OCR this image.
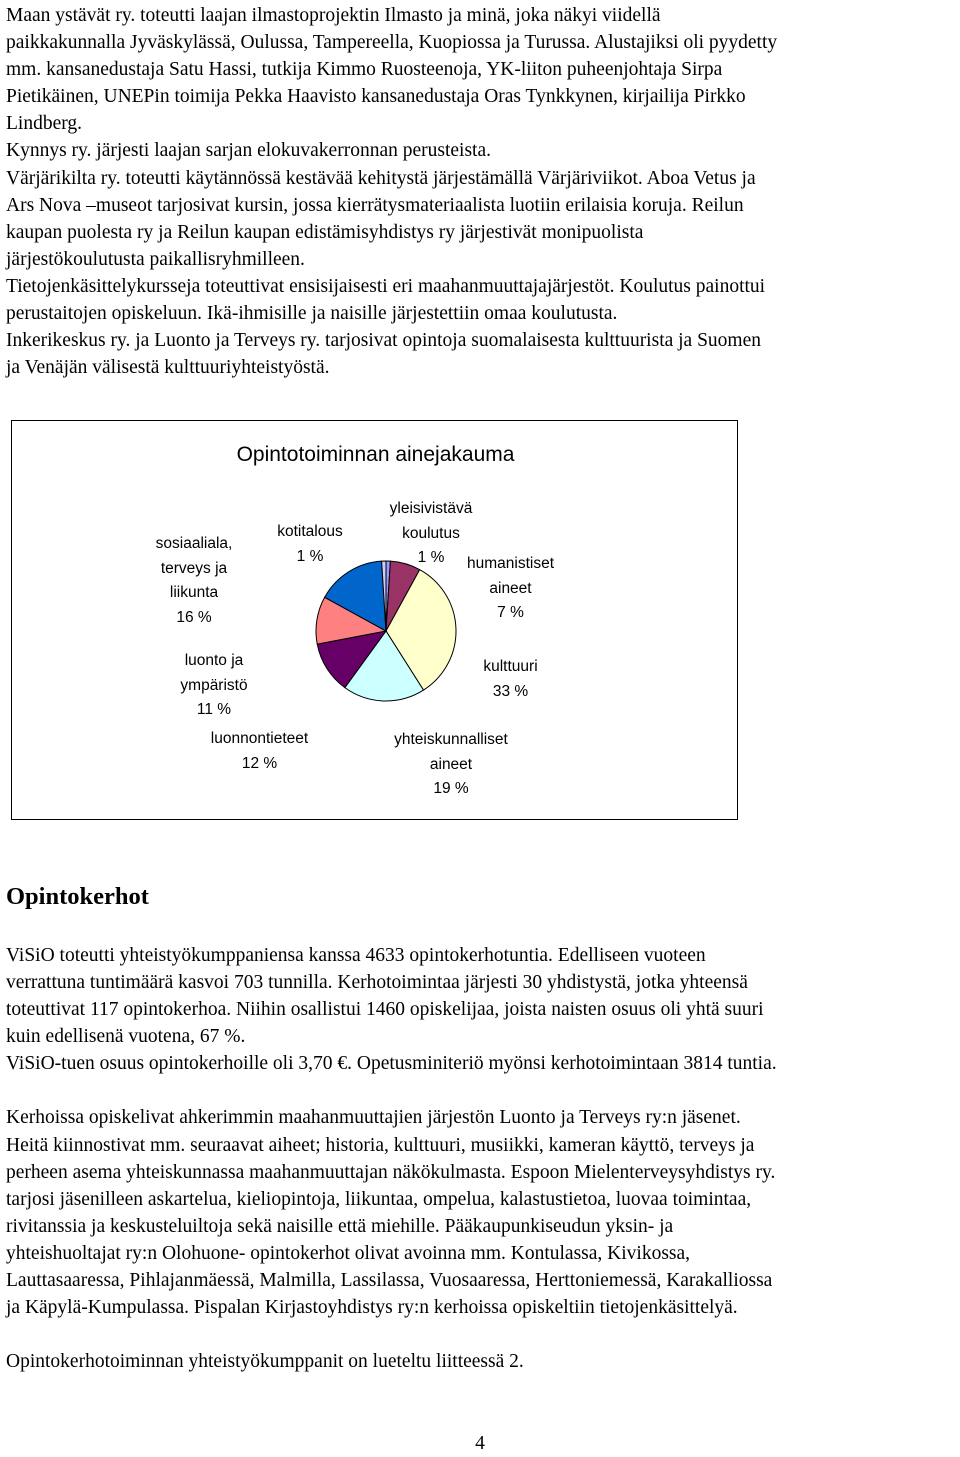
Maan ystävät ry. toteutti laajan ilmastoprojektin Ilmasto ja minä, joka näkyi viidellä
paikkakunnalla Jyväskylässä, Oulussa, Tampereella, Kuopiossa ja Turussa. Alustajiksi oli pyydetty
mm. kansanedustaja Satu Hassi, tutkija Kimmo Ruosteenoja, YK-liiton puheenjohtaja Sirpa
Pietikäinen, UNEPin toimija Pekka Haavisto kansanedustaja Oras Tynkkynen, kirjailija Pirkko
Lindberg.

Kynnys ry. järjesti laajan sarjan elokuvakerronnan perusteista.

Värjärikilta ry. toteutti käytännössä kestävää kehitystä järjestämällä Värjäriviikot. Aboa Vetus ja
Ars Nova –museot tarjosivat kursin, jossa kierrätysmateriaalista luotiin erilaisia koruja. Reilun
kaupan puolesta ry ja Reilun kaupan edistämisyhdistys ry järjestivät monipuolista
järjestökoulutusta paikallisryhmilleen.

Tietojenkäsittelykursseja toteuttivat ensisijaisesti eri maahanmuuttajajärjestöt. Koulutus painottui
perustaitojen opiskeluun. Ikä-ihmisille ja naisille järjestettiin omaa koulutusta.

Inkerikeskus ry. ja Luonto ja Terveys ry. tarjosivat opintoja suomalaisesta kulttuurista ja Suomen
ja Venäjän välisestä kulttuuriyhteistyöstä.

Opintotoiminnan ainejakauma
yleisivistävä
koulutus
1 %	humanistiset
aineet
7 %
kulttuuri
33 %
yhteiskunnalliset
aineet
19 %
luonnontieteet
12 %
luonto ja
ympäristö
11 %
sosiaaliala,
terveys ja
liikunta
16 %
kotitalous
1 %
Opintokerhot

ViSiO toteutti yhteistyökumppaniensa kanssa 4633 opintokerhotuntia. Edelliseen vuoteen
verrattuna tuntimäärä kasvoi 703 tunnilla. Kerhotoimintaa järjesti 30 yhdistystä, jotka yhteensä
toteuttivat 117 opintokerhoa. Niihin osallistui 1460 opiskelijaa, joista naisten osuus oli yhtä suuri
kuin edellisenä vuotena, 67 %.

ViSiO-tuen osuus opintokerhoille oli 3,70 €. Opetusminiteriö myönsi kerhotoimintaan 3814 tuntia.

Kerhoissa opiskelivat ahkerimmin maahanmuuttajien järjestön Luonto ja Terveys ry:n jäsenet.
Heitä kiinnostivat mm. seuraavat aiheet; historia, kulttuuri, musiikki, kameran käyttö, terveys ja
perheen asema yhteiskunnassa maahanmuuttajan näkökulmasta. Espoon Mielenterveysyhdistys ry.
tarjosi jäsenilleen askartelua, kieliopintoja, liikuntaa, ompelua, kalastustietoa, luovaa toimintaa,
rivitanssia ja keskusteluiltoja sekä naisille että miehille. Pääkaupunkiseudun yksin- ja
yhteishuoltajat ry:n Olohuone- opintokerhot olivat avoinna mm. Kontulassa, Kivikossa,
Lauttasaaressa, Pihlajanmäessä, Malmilla, Lassilassa, Vuosaaressa, Herttoniemessä, Karakalliossa
ja Käpylä-Kumpulassa. Pispalan Kirjastoyhdistys ry:n kerhoissa opiskeltiin tietojenkäsittelyä.

Opintokerhotoiminnan yhteistyökumppanit on lueteltu liitteessä 2.

4
